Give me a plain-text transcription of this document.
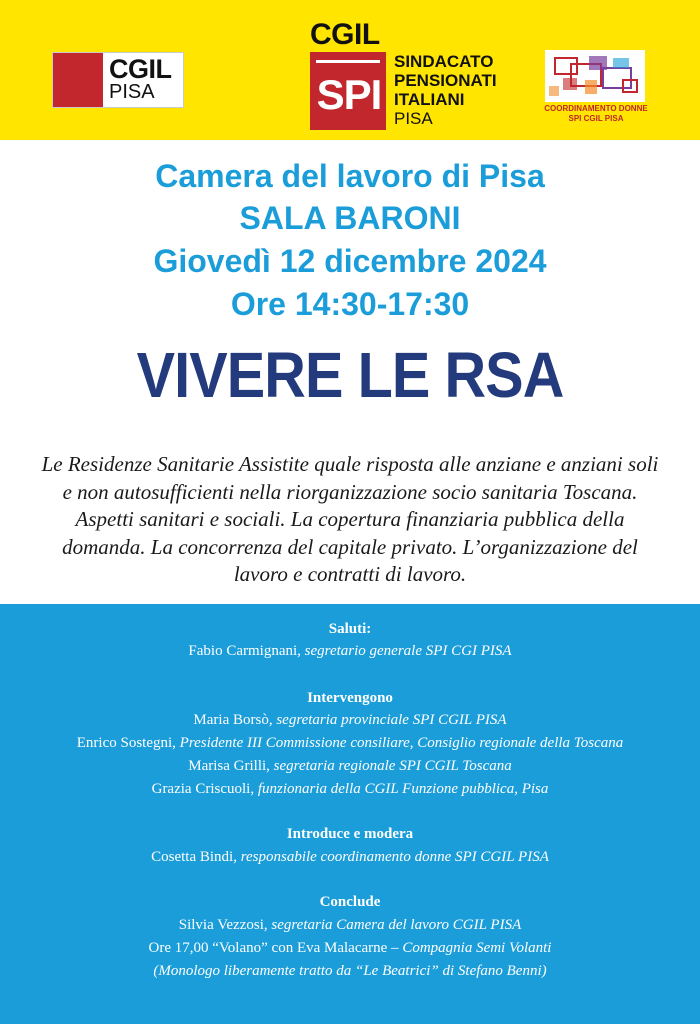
CGIL
PISA
CGIL
SPI
SINDACATO
PENSIONATI
ITALIANI
PISA
COORDINAMENTO DONNE
SPI CGIL PISA
Camera del lavoro di Pisa
SALA BARONI
Giovedì 12 dicembre 2024
Ore 14:30-17:30
VIVERE LE RSA
Le Residenze Sanitarie Assistite quale risposta alle anziane e anziani soli e non autosufficienti nella riorganizzazione socio sanitaria Toscana. Aspetti sanitari e sociali. La copertura finanziaria pubblica della domanda. La concorrenza del capitale privato. L’organizzazione del lavoro e contratti di lavoro.
Saluti:
Fabio Carmignani, segretario generale SPI CGI PISA
Intervengono
Maria Borsò, segretaria provinciale SPI CGIL PISA
Enrico Sostegni, Presidente III Commissione consiliare, Consiglio regionale della Toscana
Marisa Grilli, segretaria regionale SPI CGIL Toscana
Grazia Criscuoli, funzionaria della CGIL Funzione pubblica, Pisa
Introduce e modera
Cosetta Bindi, responsabile coordinamento donne SPI CGIL PISA
Conclude
Silvia Vezzosi, segretaria Camera del lavoro CGIL PISA
Ore 17,00 “Volano” con Eva Malacarne – Compagnia Semi Volanti
(Monologo liberamente tratto da “Le Beatrici” di Stefano Benni)
